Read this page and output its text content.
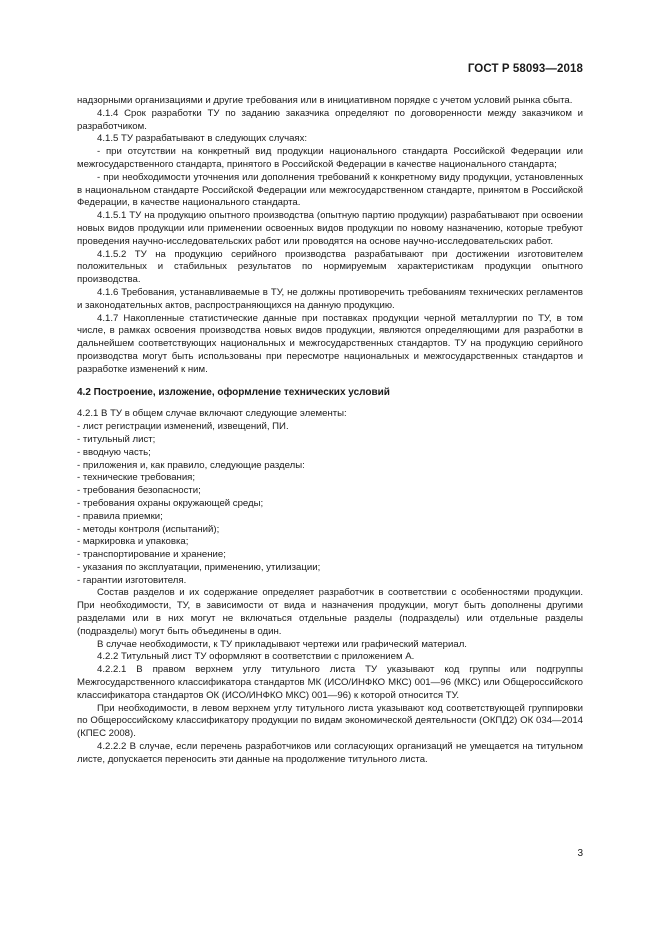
ГОСТ Р 58093—2018

надзорными организациями и другие требования или в инициативном порядке с учетом условий рынка сбыта.

4.1.4 Срок разработки ТУ по заданию заказчика определяют по договоренности между заказчиком и разработчиком.

4.1.5 ТУ разрабатывают в следующих случаях:

- при отсутствии на конкретный вид продукции национального стандарта Российской Федерации или межгосударственного стандарта, принятого в Российской Федерации в качестве национального стандарта;

- при необходимости уточнения или дополнения требований к конкретному виду продукции, установленных в национальном стандарте Российской Федерации или межгосударственном стандарте, принятом в Российской Федерации, в качестве национального стандарта.

4.1.5.1 ТУ на продукцию опытного производства (опытную партию продукции) разрабатывают при освоении новых видов продукции или применении освоенных видов продукции по новому назначению, которые требуют проведения научно-исследовательских работ или проводятся на основе научно-исследовательских работ.

4.1.5.2 ТУ на продукцию серийного производства разрабатывают при достижении изготовителем положительных и стабильных результатов по нормируемым характеристикам продукции опытного производства.

4.1.6 Требования, устанавливаемые в ТУ, не должны противоречить требованиям технических регламентов и законодательных актов, распространяющихся на данную продукцию.

4.1.7 Накопленные статистические данные при поставках продукции черной металлургии по ТУ, в том числе, в рамках освоения производства новых видов продукции, являются определяющими для разработки в дальнейшем соответствующих национальных и межгосударственных стандартов. ТУ на продукцию серийного производства могут быть использованы при пересмотре национальных и межгосударственных стандартов и разработке изменений к ним.

4.2 Построение, изложение, оформление технических условий

4.2.1 В ТУ в общем случае включают следующие элементы:

- лист регистрации изменений, извещений, ПИ.

- титульный лист;

- вводную часть;

- приложения и, как правило, следующие разделы:

- технические требования;

- требования безопасности;

- требования охраны окружающей среды;

- правила приемки;

- методы контроля (испытаний);

- маркировка и упаковка;

- транспортирование и хранение;

- указания по эксплуатации, применению, утилизации;

- гарантии изготовителя.

Состав разделов и их содержание определяет разработчик в соответствии с особенностями продукции. При необходимости, ТУ, в зависимости от вида и назначения продукции, могут быть дополнены другими разделами или в них могут не включаться отдельные разделы (подразделы) или отдельные разделы (подразделы) могут быть объединены в один.

В случае необходимости, к ТУ прикладывают чертежи или графический материал.

4.2.2 Титульный лист ТУ оформляют в соответствии с приложением А.

4.2.2.1 В правом верхнем углу титульного листа ТУ указывают код группы или подгруппы Межгосударственного классификатора стандартов МК (ИСО/ИНФКО МКС) 001—96 (МКС) или Общероссийского классификатора стандартов ОК (ИСО/ИНФКО МКС) 001—96) к которой относится ТУ.

При необходимости, в левом верхнем углу титульного листа указывают код соответствующей группировки по Общероссийскому классификатору продукции по видам экономической деятельности (ОКПД2) ОК 034—2014 (КПЕС 2008).

4.2.2.2 В случае, если перечень разработчиков или согласующих организаций не умещается на титульном листе, допускается переносить эти данные на продолжение титульного листа.

3
